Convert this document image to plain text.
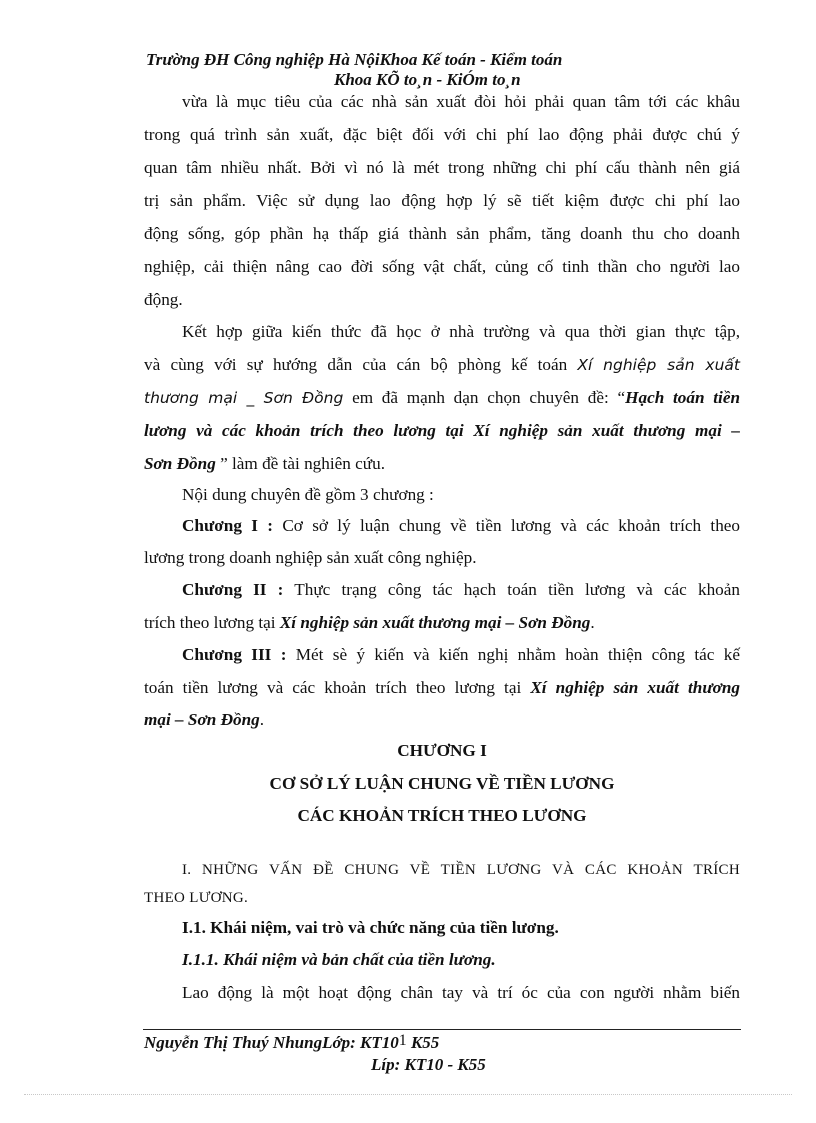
Trường ĐH Công nghiệp Hà NộiKhoa Kế toán - Kiểm toán
Khoa KÕ to¸n - KiÓm to¸n
vừa là mục tiêu của các nhà sản xuất đòi hỏi phải quan tâm tới các khâu
trong quá trình sản xuất, đặc biệt đối với chi phí lao động phải được chú ý
quan tâm nhiều nhất. Bởi vì nó là mét trong những chi phí cấu thành nên giá
trị sản phẩm. Việc sử dụng lao động hợp lý sẽ tiết kiệm được chi phí lao
động sống, góp phần hạ thấp giá thành sản phẩm, tăng doanh thu cho doanh
nghiệp, cải thiện nâng cao đời sống vật chất, củng cố tinh thần cho người lao
động.
Kết hợp giữa kiến thức đã học ở nhà trường và qua thời gian thực tập,
và cùng với sự hướng dẫn của cán bộ phòng kế toán Xí nghiệp sản xuất
thương mại _ Sơn Đồng em đã mạnh dạn chọn chuyên đề: “Hạch toán tiền
lương và các khoản trích theo lương tại Xí nghiệp sản xuất thương mại –
Sơn Đồng ” làm đề tài nghiên cứu.
Nội dung chuyên đề gồm 3 chương :
Chương I : Cơ sở lý luận chung về tiền lương và các khoản trích theo
lương trong doanh nghiệp sản xuất công nghiệp.
Chương II : Thực trạng công tác hạch toán tiền lương và các khoản
trích theo lương tại Xí nghiệp sản xuất thương mại – Sơn Đồng.
Chương III : Mét sè ý kiến và kiến nghị nhằm hoàn thiện công tác kế
toán tiền lương và các khoản trích theo lương tại Xí nghiệp sản xuất thương
mại – Sơn Đồng.
CHƯƠNG I
CƠ SỞ LÝ LUẬN CHUNG VỀ TIỀN LƯƠNG
CÁC KHOẢN TRÍCH THEO LƯƠNG
I. NHỮNG VẤN ĐỀ CHUNG VỀ TIỀN LƯƠNG VÀ CÁC KHOẢN TRÍCH
THEO LƯƠNG.
I.1. Khái niệm, vai trò và chức năng của tiền lương.
I.1.1. Khái niệm và bản chất của tiền lương.
Lao động là một hoạt động chân tay và trí óc của con người nhằm biến
Nguyễn Thị Thuý NhungLớp: KT101 K55
Líp: KT10 - K55
